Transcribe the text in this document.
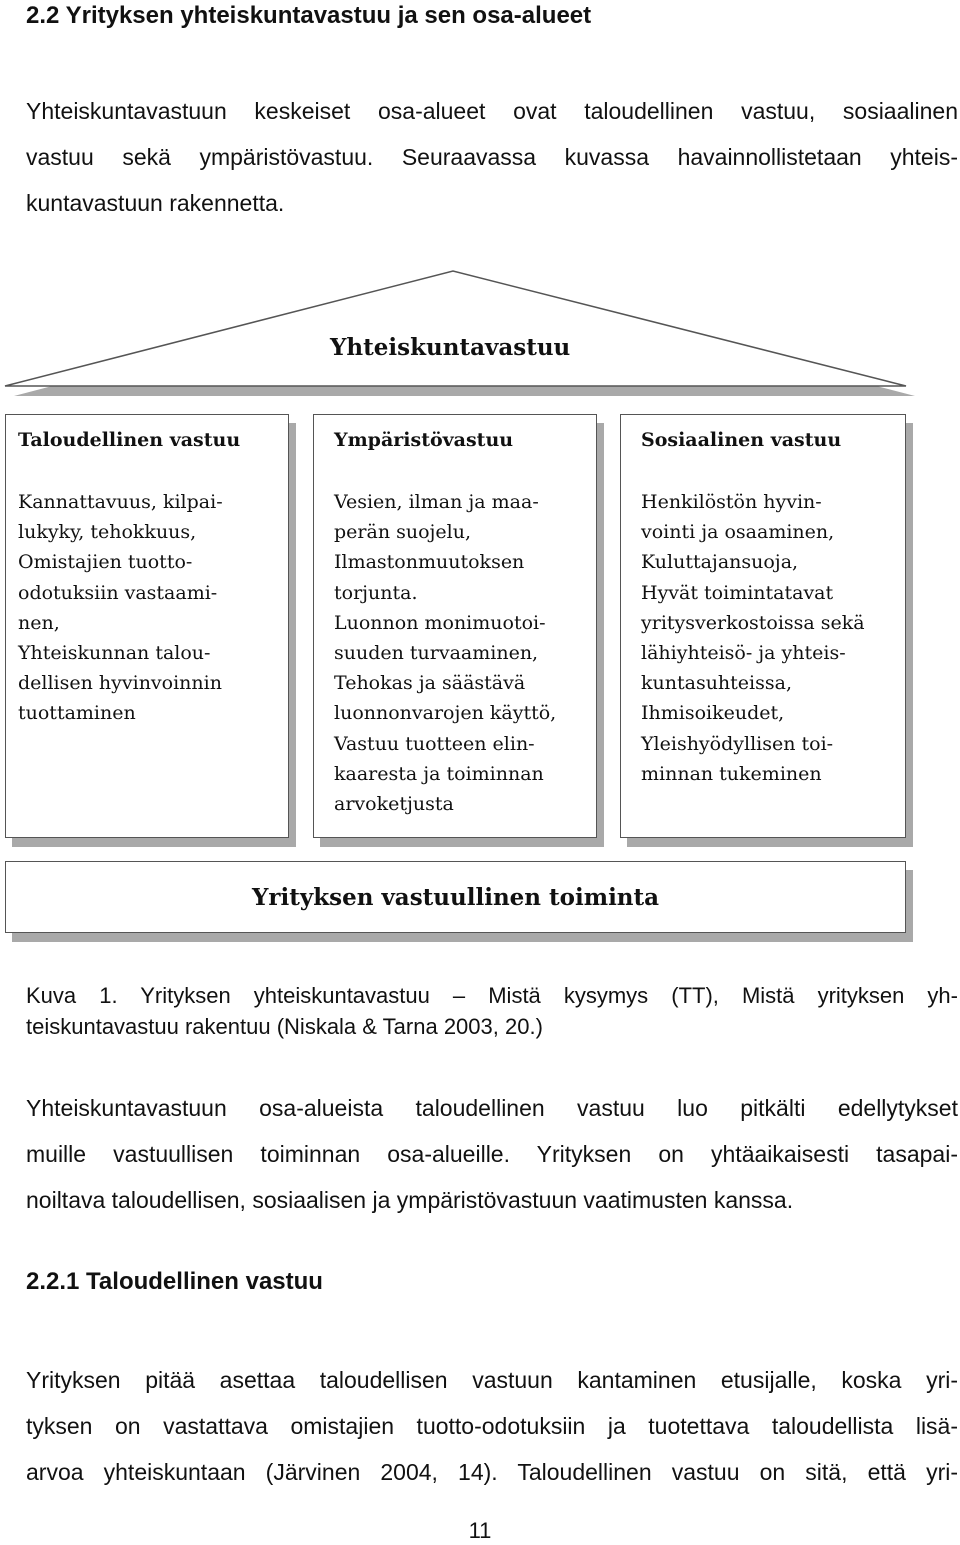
2.2 Yrityksen yhteiskuntavastuu ja sen osa-alueet
Yhteiskuntavastuun keskeiset osa-alueet ovat taloudellinen vastuu, sosiaalinen
vastuu sekä ympäristövastuu. Seuraavassa kuvassa havainnollistetaan yhteis-
kuntavastuun rakennetta.
Yhteiskuntavastuu
Taloudellinen vastuu
Kannattavuus, kilpai-
lukyky, tehokkuus,
Omistajien tuotto-
odotuksiin vastaami-
nen,
Yhteiskunnan talou-
dellisen hyvinvoinnin
tuottaminen
Ympäristövastuu
Vesien, ilman ja maa-
perän suojelu,
Ilmastonmuutoksen
torjunta.
Luonnon monimuotoi-
suuden turvaaminen,
Tehokas ja säästävä
luonnonvarojen käyttö,
Vastuu tuotteen elin-
kaaresta ja toiminnan
arvoketjusta
Sosiaalinen vastuu
Henkilöstön hyvin-
vointi ja osaaminen,
Kuluttajansuoja,
Hyvät toimintatavat
yritysverkostoissa sekä
lähiyhteisö- ja yhteis-
kuntasuhteissa,
Ihmisoikeudet,
Yleishyödyllisen toi-
minnan tukeminen
Yrityksen vastuullinen toiminta
Kuva 1. Yrityksen yhteiskuntavastuu – Mistä kysymys (TT), Mistä yrityksen yh-
teiskuntavastuu rakentuu (Niskala & Tarna 2003, 20.)
Yhteiskuntavastuun osa-alueista taloudellinen vastuu luo pitkälti edellytykset
muille vastuullisen toiminnan osa-alueille. Yrityksen on yhtäaikaisesti tasapai-
noiltava taloudellisen, sosiaalisen ja ympäristövastuun vaatimusten kanssa.
2.2.1 Taloudellinen vastuu
Yrityksen pitää asettaa taloudellisen vastuun kantaminen etusijalle, koska yri-
tyksen on vastattava omistajien tuotto-odotuksiin ja tuotettava taloudellista lisä-
arvoa yhteiskuntaan (Järvinen 2004, 14). Taloudellinen vastuu on sitä, että yri-
11
